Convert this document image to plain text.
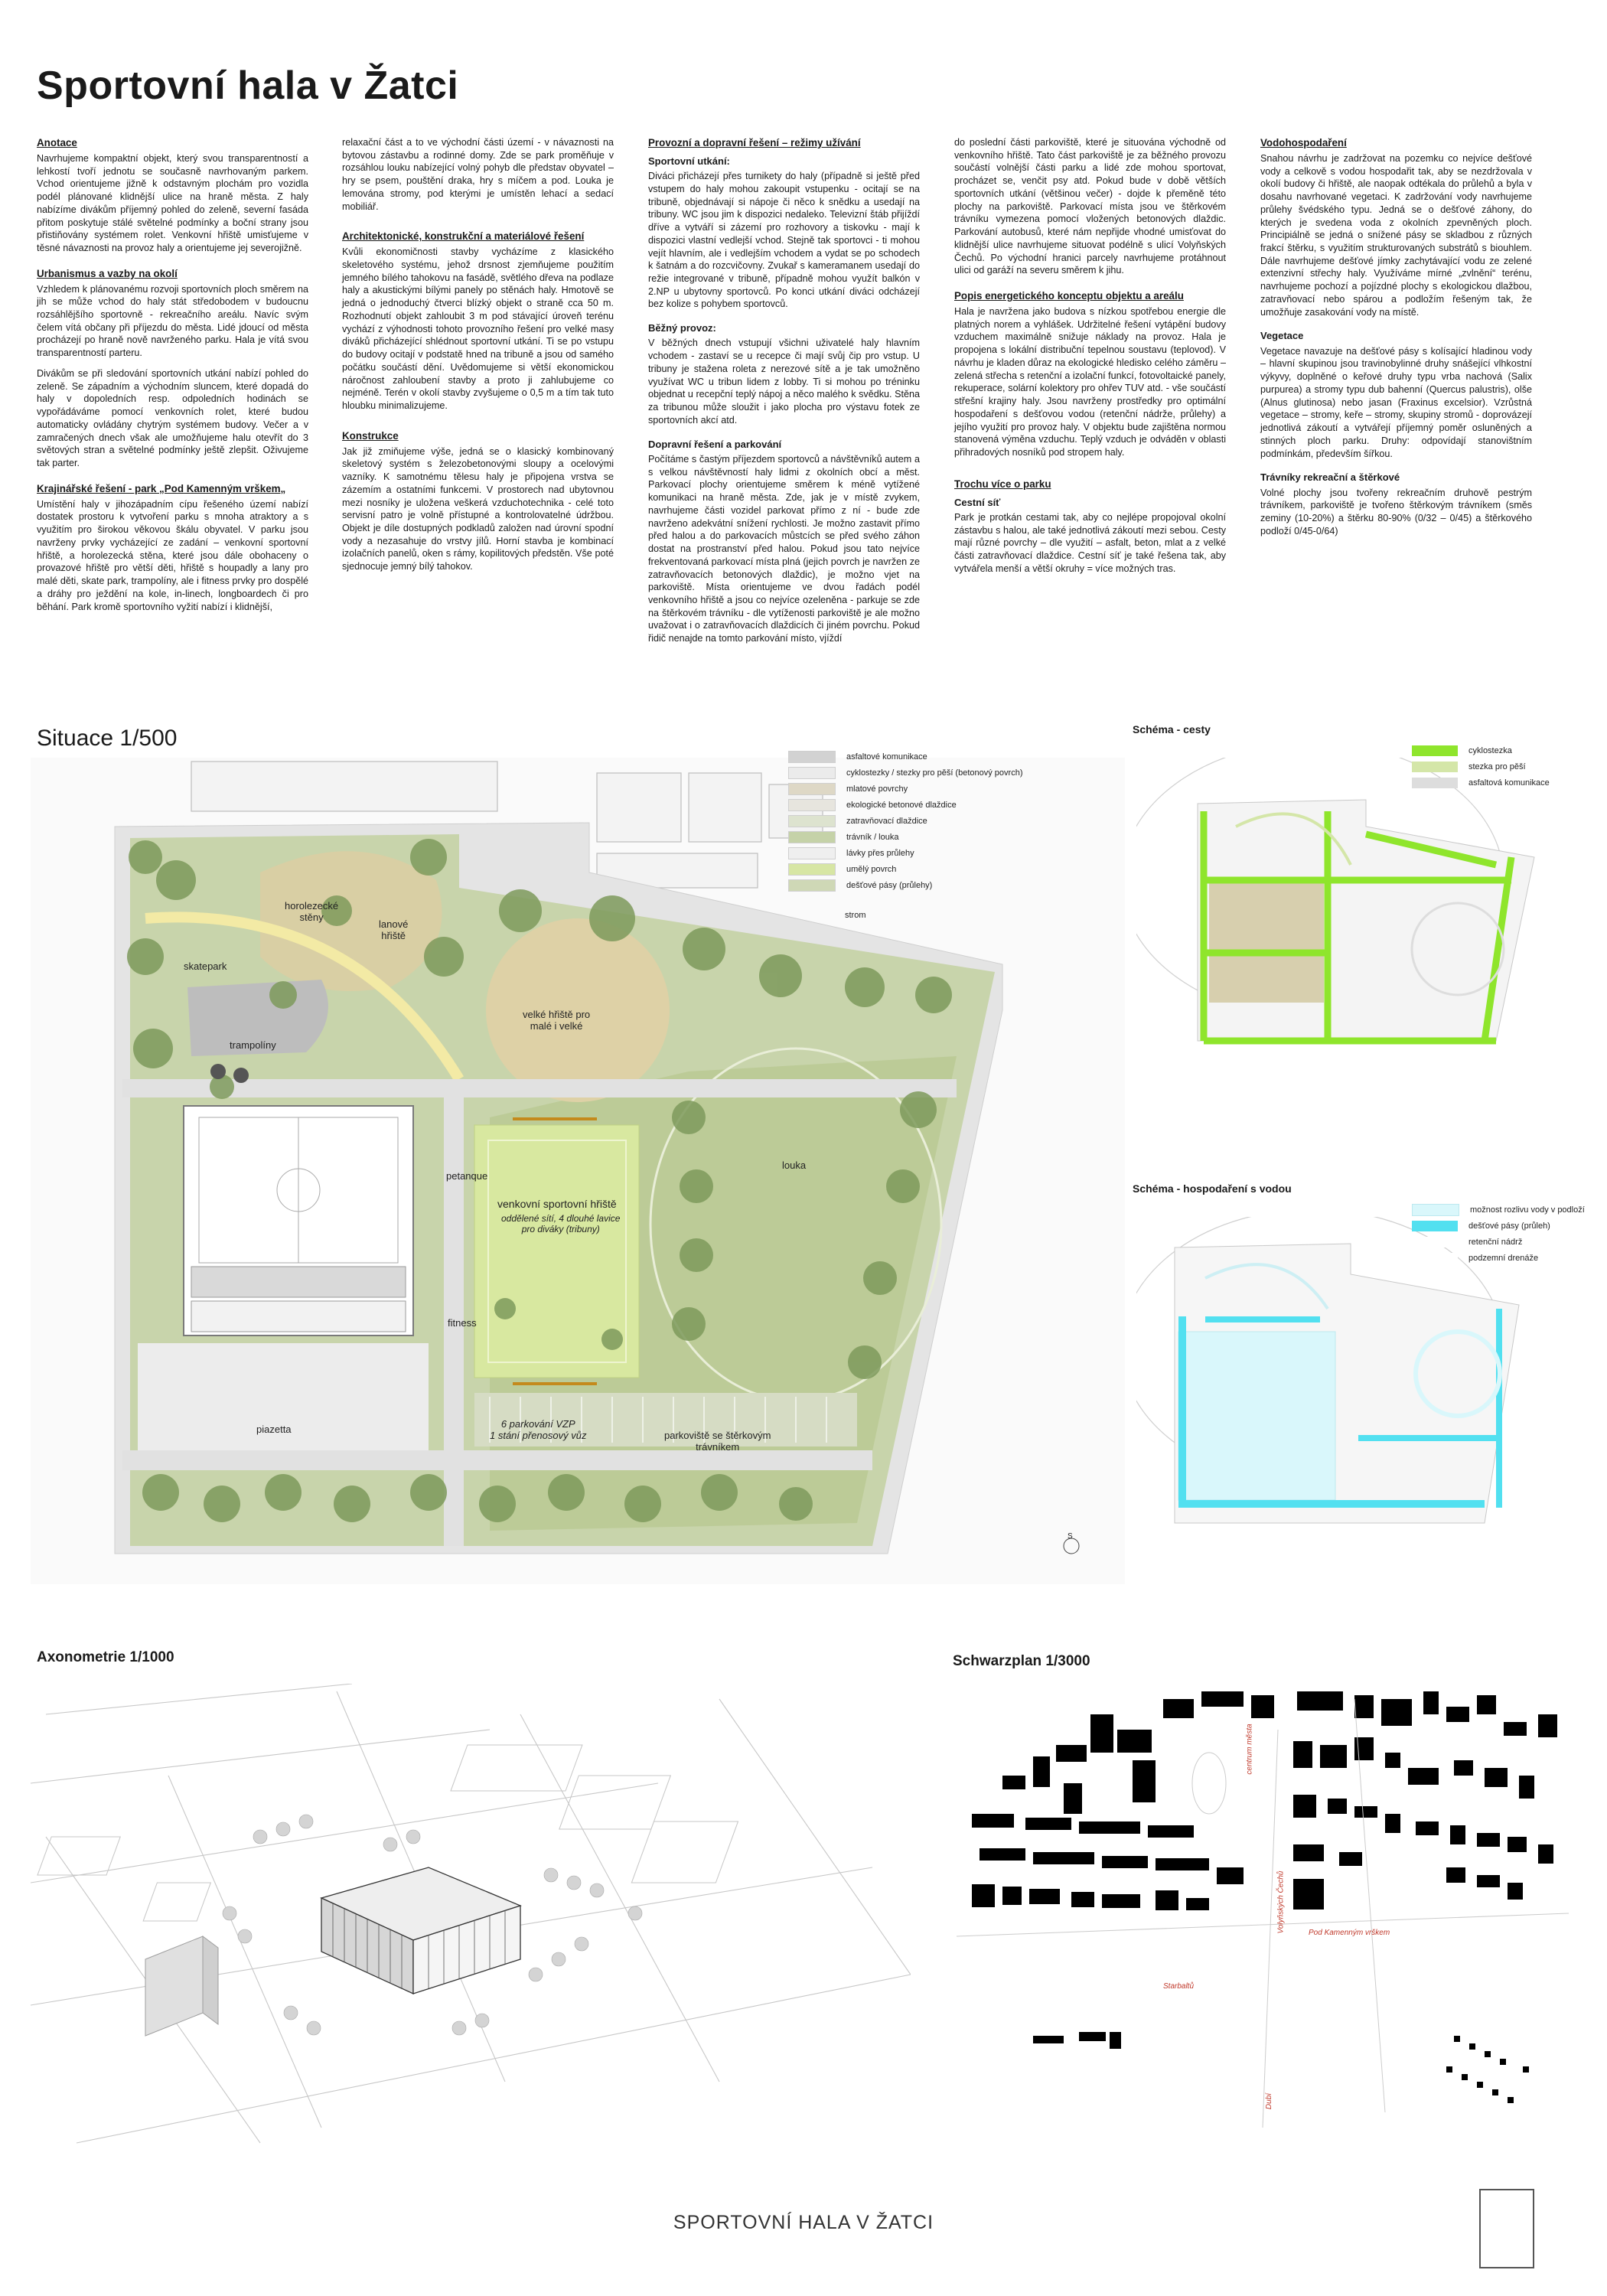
Sportovní hala v Žatci
Anotace

Navrhujeme kompaktní objekt, který svou transparentností a lehkostí tvoří jednotu se současně navrhovaným parkem. Vchod orientujeme jižně k odstavným plochám pro vozidla podél plánované klidnější ulice na hraně města. Z haly nabízíme divákům příjemný pohled do zeleně, severní fasáda přitom poskytuje stálé světelné podmínky a boční strany jsou přistiňovány systémem rolet. Venkovní hřiště umisťujeme v těsné návaznosti na provoz haly a orientujeme jej severojižně.

Urbanismus a vazby na okolí

Vzhledem k plánovanému rozvoji sportovních ploch směrem na jih se může vchod do haly stát středobodem v budoucnu rozsáhlějšího sportovně - rekreačního areálu. Navíc svým čelem vítá občany při příjezdu do města. Lidé jdoucí od města procházejí po hraně nově navrženého parku. Hala je vítá svou transparentností parteru.

Divákům se při sledování sportovních utkání nabízí pohled do zeleně. Se západním a východním sluncem, které dopadá do haly v dopoledních resp. odpoledních hodinách se vypořádáváme pomocí venkovních rolet, které budou automaticky ovládány chytrým systémem budovy. Večer a v zamračených dnech však ale umožňujeme halu otevřít do 3 světových stran a světelné podmínky ještě zlepšit. Oživujeme tak parter.

Krajinářské řešení - park „Pod Kamenným vrškem„

Umístění haly v jihozápadním cípu řešeného území nabízí dostatek prostoru k vytvoření parku s mnoha atraktory a s využitím pro širokou věkovou škálu obyvatel. V parku jsou navrženy prvky vycházející ze zadání – venkovní sportovní hřiště, a horolezecká stěna, které jsou dále obohaceny o provazové hřiště pro větší děti, hřiště s houpadly a lany pro malé děti, skate park, trampolíny, ale i fitness prvky pro dospělé a dráhy pro ježdění na kole, in-linech, longboardech či pro běhání. Park kromě sportovního vyžití nabízí i klidnější,

relaxační část a to ve východní části území - v návaznosti na bytovou zástavbu a rodinné domy. Zde se park proměňuje v rozsáhlou louku nabízející volný pohyb dle představ obyvatel – hry se psem, pouštění draka, hry s míčem a pod. Louka je lemována stromy, pod kterými je umístěn lehací a sedací mobiliář.

Architektonické, konstrukční a materiálové řešení

Kvůli ekonomičnosti stavby vycházíme z klasického skeletového systému, jehož drsnost zjemňujeme použitím jemného bílého tahokovu na fasádě, světlého dřeva na podlaze haly a akustickými bílými panely po stěnách haly. Hmotově se jedná o jednoduchý čtverci blízký objekt o straně cca 50 m. Rozhodnutí objekt zahloubit 3 m pod stávající úroveň terénu vychází z výhodnosti tohoto provozního řešení pro velké masy diváků přicházející shlédnout sportovní utkání. Ti se po vstupu do budovy ocitají v podstatě hned na tribuně a jsou od samého počátku součástí dění. Uvědomujeme si větší ekonomickou náročnost zahloubení stavby a proto ji zahlubujeme co nejméně. Terén v okolí stavby zvyšujeme o 0,5 m a tím tak tuto hloubku minimalizujeme.

Konstrukce

Jak již zmiňujeme výše, jedná se o klasický kombinovaný skeletový systém s železobetonovými sloupy a ocelovými vazníky. K samotnému tělesu haly je připojena vrstva se zázemím a ostatními funkcemi. V prostorech nad ubytovnou mezi nosníky je uložena veškerá vzduchotechnika - celé toto servisní patro je volně přístupné a kontrolovatelné údržbou. Objekt je díle dostupných podkladů založen nad úrovní spodní vody a nezasahuje do vrstvy jílů. Horní stavba je kombinací izolačních panelů, oken s rámy, kopilitových předstěn. Vše poté sjednocuje jemný bílý tahokov.

Provozní a dopravní řešení – režimy užívání
Sportovní utkání:

Diváci přicházejí přes turnikety do haly (případně si ještě před vstupem do haly mohou zakoupit vstupenku - ocitají se na tribuně, objednávají si nápoje či něco k snědku a usedají na tribuny. WC jsou jim k dispozici nedaleko. Televizní štáb přijíždí dříve a vytváří si zázemí pro rozhovory a tiskovku - mají k dispozici vlastní vedlejší vchod. Stejně tak sportovci - ti mohou vejít hlavním, ale i vedlejším vchodem a vydat se po schodech k šatnám a do rozcvičovny. Zvukař s kameramanem usedají do režie integrované v tribuně, případně mohou využít balkón v 2.NP u ubytovny sportovců. Po konci utkání diváci odcházejí bez kolize s pohybem sportovců.

Běžný provoz:

V běžných dnech vstupují všichni uživatelé haly hlavním vchodem - zastaví se u recepce či mají svůj čip pro vstup. U tribuny je stažena roleta z nerezové sítě a je tak umožněno využívat WC u tribun lidem z lobby. Ti si mohou po tréninku objednat u recepční teplý nápoj a něco malého k svědku. Stěna za tribunou může sloužit i jako plocha pro výstavu fotek ze sportovních akcí atd.

Dopravní řešení a parkování

Počítáme s častým příjezdem sportovců a návštěvníků autem a s velkou návštěvností haly lidmi z okolních obcí a měst. Parkovací plochy orientujeme směrem k méně vytížené komunikaci na hraně města. Zde, jak je v místě zvykem, navrhujeme části vozidel parkovat přímo z ní - bude zde navrženo adekvátní snížení rychlosti. Je možno zastavit přímo před halou a do parkovacích můstcích se před svého záhon dostat na prostranství před halou. Pokud jsou tato nejvíce frekventovaná parkovací místa plná (jejich povrch je navržen ze zatravňovacích betonových dlaždic), je možno vjet na parkoviště. Místa orientujeme ve dvou řadách podél venkovního hřiště a jsou co nejvíce ozeleněna - parkuje se zde na štěrkovém trávníku - dle vytíženosti parkoviště je ale možno uvažovat i o zatravňovacích dlaždicích či jiném povrchu. Pokud řidič nenajde na tomto parkování místo, vjíždí

do poslední části parkoviště, které je situována východně od venkovního hřiště. Tato část parkoviště je za běžného provozu součástí volnější části parku a lidé zde mohou sportovat, procházet se, venčit psy atd. Pokud bude v době větších sportovních utkání (většinou večer) - dojde k přeměně této plochy na parkoviště. Parkovací místa jsou ve štěrkovém trávníku vymezena pomocí vložených betonových dlaždic. Parkování autobusů, které nám nepřijde vhodné umisťovat do klidnější ulice navrhujeme situovat podélně s ulicí Volyňských Čechů. Po východní hranici parcely navrhujeme protáhnout ulici od garáží na severu směrem k jihu.

Popis energetického konceptu objektu a areálu

Hala je navržena jako budova s nízkou spotřebou energie dle platných norem a vyhlášek. Udržitelné řešení vytápění budovy vzduchem maximálně snižuje náklady na provoz. Hala je propojena s lokální distribuční tepelnou soustavu (teplovod). V návrhu je kladen důraz na ekologické hledisko celého záměru – zelená střecha s retenční a izolační funkcí, fotovoltaické panely, rekuperace, solární kolektory pro ohřev TUV atd. - vše součástí střešní krajiny haly. Jsou navrženy prostředky pro optimální hospodaření s dešťovou vodou (retenční nádrže, průlehy) a jejího využití pro provoz haly. V objektu bude zajištěna normou stanovená výměna vzduchu. Teplý vzduch je odváděn v oblasti přihradových nosníků pod stropem haly.

Trochu více o parku
Cestní síť

Park je protkán cestami tak, aby co nejlépe propojoval okolní zástavbu s halou, ale také jednotlivá zákoutí mezi sebou. Cesty mají různé povrchy – dle využití – asfalt, beton, mlat a z velké části zatravňovací dlaždice. Cestní síť je také řešena tak, aby vytvářela menší a větší okruhy = více možných tras.

Vodohospodaření

Snahou návrhu je zadržovat na pozemku co nejvíce dešťové vody a celkově s vodou hospodařit tak, aby se nezdržovala v okolí budovy či hřiště, ale naopak odtékala do průlehů a byla v dosahu navrhované vegetaci. K zadržování vody navrhujeme průlehy švédského typu. Jedná se o dešťové záhony, do kterých je svedena voda z okolních zpevněných ploch. Principiálně se jedná o snížené pásy se skladbou z různých frakcí štěrku, s využitím strukturovaných substrátů s biouhlem. Dále navrhujeme dešťové jímky zachytávající vodu ze zelené extenzivní střechy haly. Využíváme mírné „zvlnění“ terénu, navrhujeme pochozí a pojízdné plochy s ekologickou dlažbou, zatravňovací nebo spárou a podložím řešeným tak, že umožňuje zasakování vody na místě.

Vegetace

Vegetace navazuje na dešťové pásy s kolísající hladinou vody – hlavní skupinou jsou travinobylinné druhy snášející vlhkostní výkyvy, doplněné o keřové druhy typu vrba nachová (Salix purpurea) a stromy typu dub bahenní (Quercus palustris), olše (Alnus glutinosa) nebo jasan (Fraxinus excelsior). Vzrůstná vegetace – stromy, keře – stromy, skupiny stromů - doprovázejí jednotlivá zákoutí a vytvářejí příjemný poměr osluněných a stinných ploch parku. Druhy: odpovídají stanovištním podmínkám, především šířkou.

Trávníky rekreační a štěrkové

Volné plochy jsou tvořeny rekreačním druhově pestrým trávníkem, parkoviště je tvořeno štěrkovým trávníkem (směs zeminy (10-20%) a štěrku 80-90% (0/32 – 0/45) a štěrkového podloží 0/45-0/64)

Situace 1/500
horolezecké
stěny
lanové
hřiště
skatepark
trampolíny
velké hřiště pro
malé i velké
louka
petanque
venkovní sportovní hřiště
oddělené sítí, 4 dlouhé lavice
pro diváky (tribuny)
fitness
piazetta	6 parkování VZP
1 stání přenosový vůz	parkoviště se štěrkovým
trávníkem
S
asfaltové komunikace
cyklostezky / stezky pro pěší (betonový povrch)
mlatové povrchy
ekologické betonové dlaždice
zatravňovací dlaždice
trávník / louka
lávky přes průlehy
umělý povrch
dešťové pásy (průlehy)
strom
Schéma - cesty
cyklostezka
stezka pro pěší
asfaltová komunikace
Schéma - hospodaření s vodou
možnost rozlivu vody v podloží
dešťové pásy (průleh)
retenční nádrž
podzemní drenáže
Axonometrie 1/1000	Schwarzplan 1/3000
Volyňských Čechů	Pod Kamenným vrškem
Starbaltů
centrum města
Dubí
SPORTOVNÍ HALA V ŽATCI
